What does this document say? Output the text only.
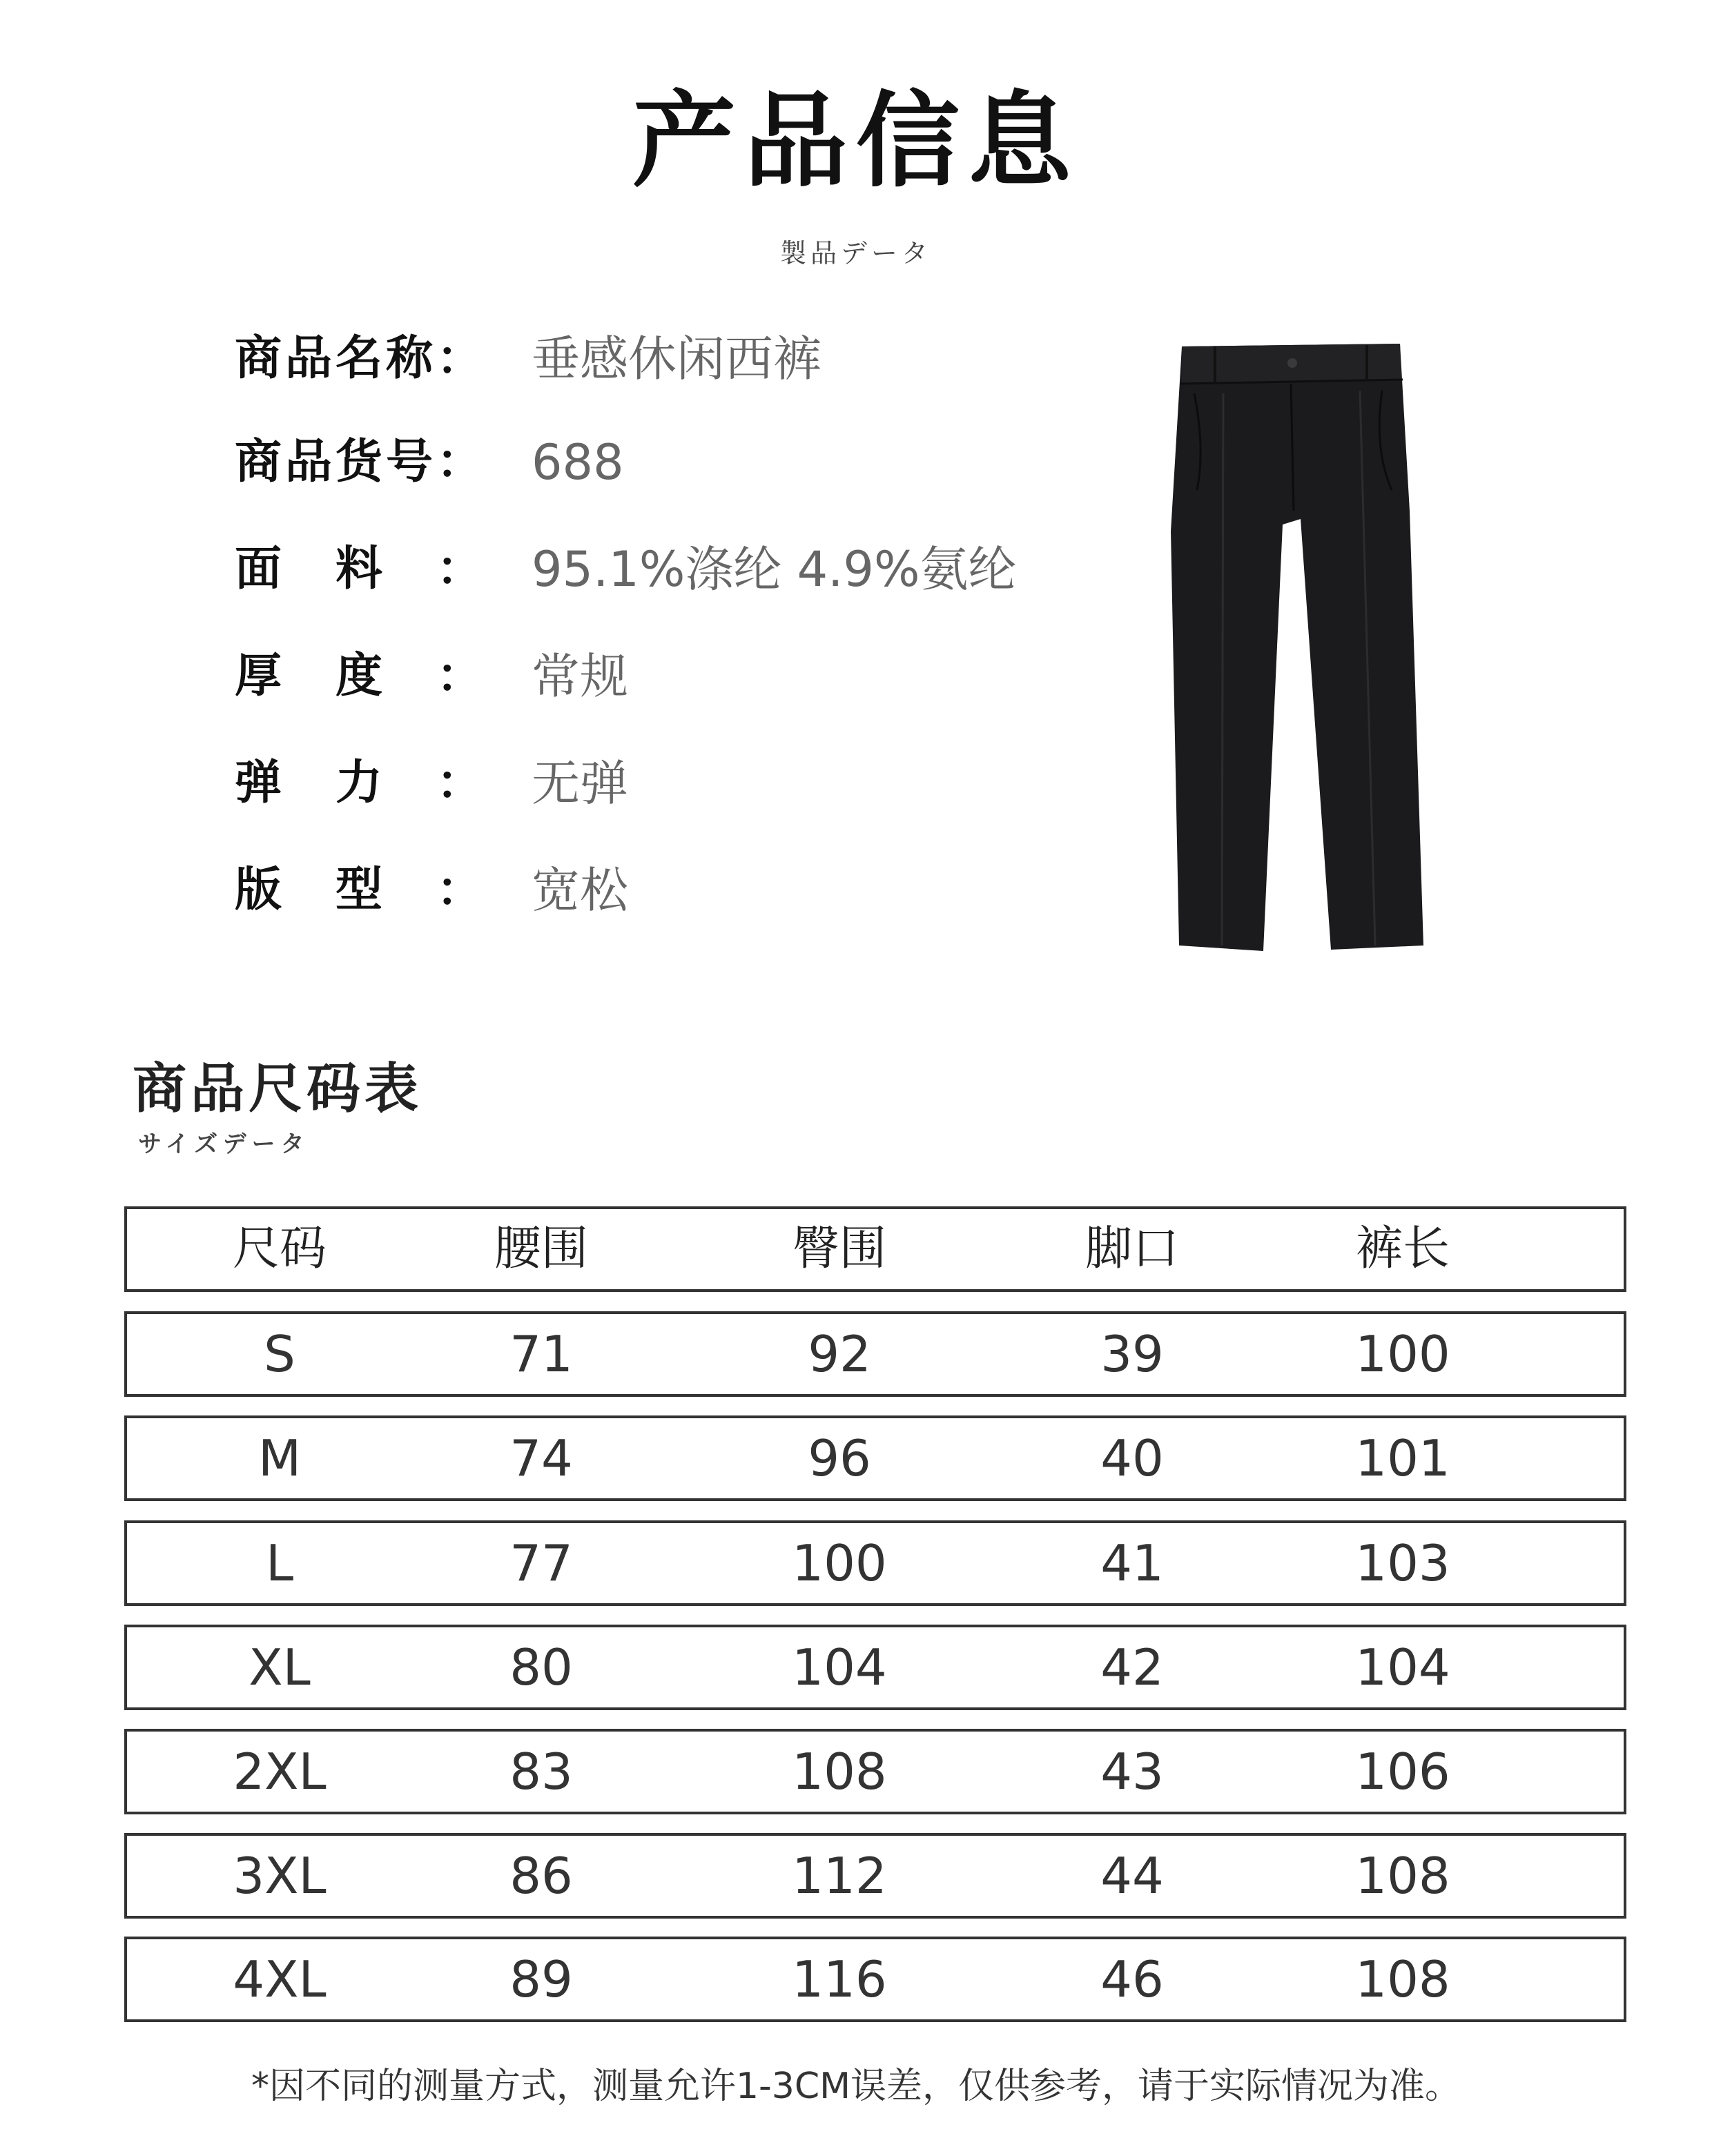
产品信息
製品データ
商 品 名 称 ： 垂感休闲西裤
商 品 货 号 ： 688
面 料 ： 95.1%涤纶 4.9%氨纶
厚 度 ： 常规
弹 力 ： 无弹
版 型 ： 宽松
商品尺码表
サイズデータ
尺码	腰围	臀围	脚口	裤长
S	71	92	39	100
M	74	96	40	101
L	77	100	41	103
XL	80	104	42	104
2XL	83	108	43	106
3XL	86	112	44	108
4XL	89	116	46	108
*因不同的测量方式，测量允许1-3CM误差，仅供参考，请于实际情况为准。
